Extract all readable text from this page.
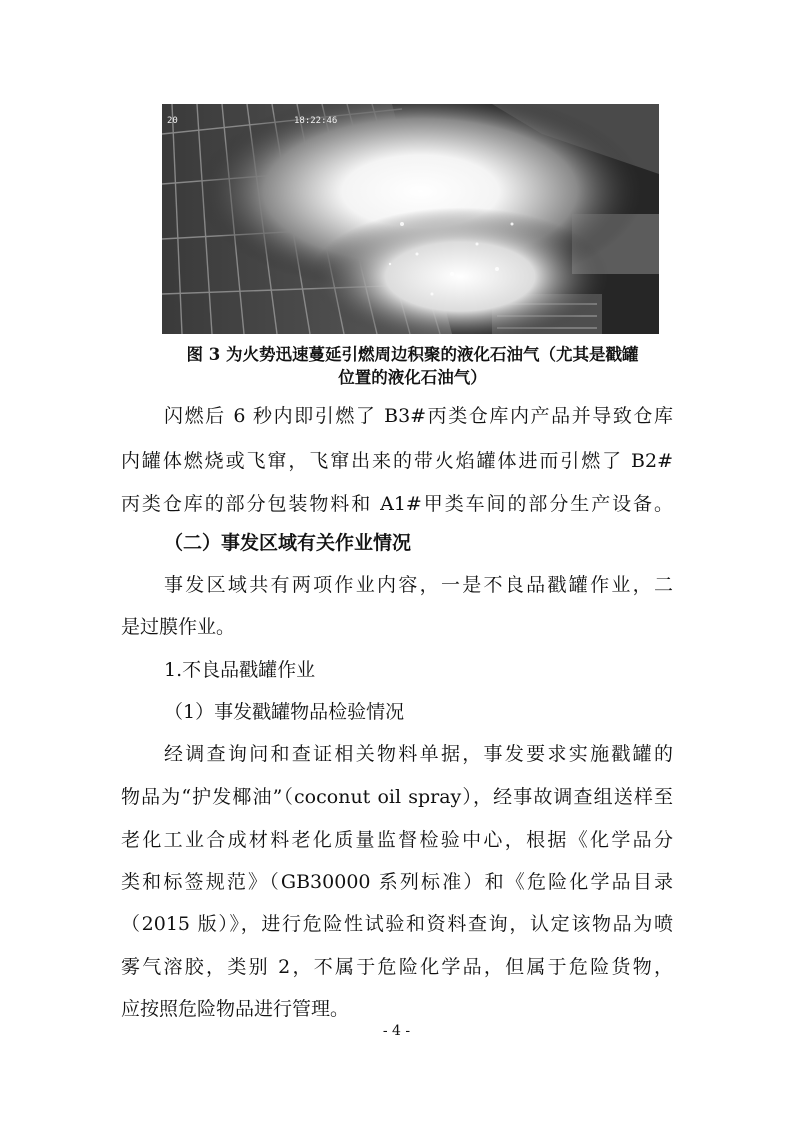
20	18:22:46
图 3 为火势迅速蔓延引燃周边积聚的液化石油气（尤其是戳罐
位置的液化石油气）
闪燃后 6 秒内即引燃了 B3#丙类仓库内产品并导致仓库
内罐体燃烧或飞窜，飞窜出来的带火焰罐体进而引燃了 B2#
丙类仓库的部分包装物料和 A1#甲类车间的部分生产设备。
（二）事发区域有关作业情况
事发区域共有两项作业内容，一是不良品戳罐作业，二
是过膜作业。
1.不良品戳罐作业
（1）事发戳罐物品检验情况
经调查询问和查证相关物料单据，事发要求实施戳罐的
物品为“护发椰油”（coconut oil spray），经事故调查组送样至
老化工业合成材料老化质量监督检验中心，根据《化学品分
类和标签规范》（GB30000 系列标准）和《危险化学品目录
（2015 版）》，进行危险性试验和资料查询，认定该物品为喷
雾气溶胶，类别 2，不属于危险化学品，但属于危险货物，
应按照危险物品进行管理。
- 4 -
